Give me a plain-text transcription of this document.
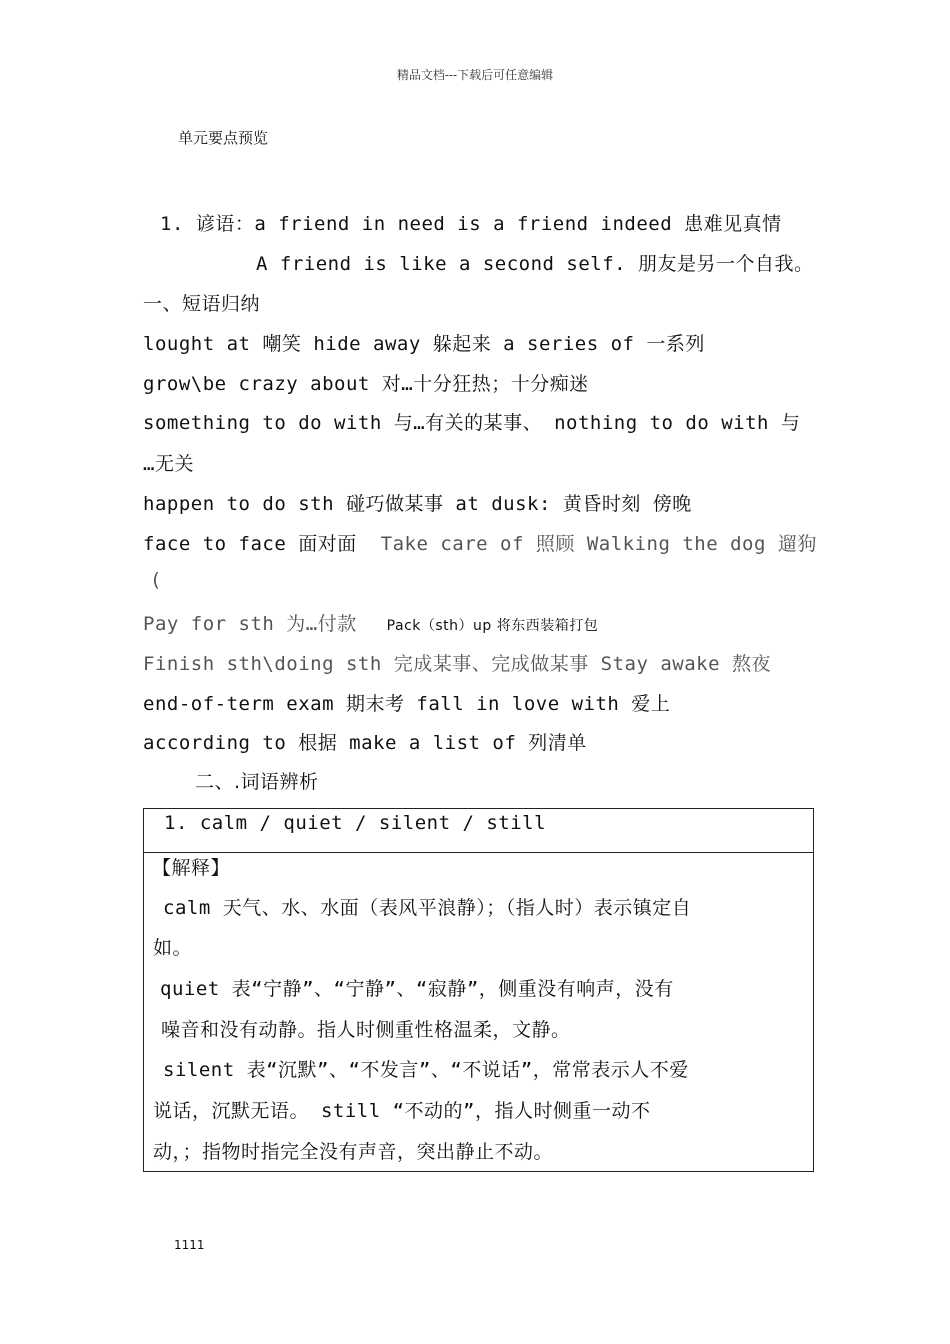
精品文档---下载后可任意编辑
单元要点预览
1. 谚语：a friend in need is a friend indeed 患难见真情
A friend is like a second self. 朋友是另一个自我。
一、短语归纳
lought at 嘲笑 hide away 躲起来 a series of 一系列
grow\be crazy about 对…十分狂热；十分痴迷
something to do with 与…有关的某事、 nothing to do with 与
…无关
happen to do sth 碰巧做某事 at dusk: 黄昏时刻 傍晚
face to face 面对面 Take care of 照顾 Walking the dog 遛狗
(
Pay for sth 为…付款 Pack（sth）up 将东西装箱打包
Finish sth\doing sth 完成某事、完成做某事 Stay awake 熬夜
end-of-term exam 期末考 fall in love with 爱上
according to 根据 make a list of 列清单
二、.词语辨析
1. calm / quiet / silent / still
【解释】
calm 天气、水、水面（表风平浪静）；（指人时）表示镇定自
如。
quiet 表“宁静”、“宁静”、“寂静”，侧重没有响声，没有
噪音和没有动静。指人时侧重性格温柔，文静。
silent 表“沉默”、“不发言”、“不说话”，常常表示人不爱
说话，沉默无语。 still “不动的”，指人时侧重一动不
动，；指物时指完全没有声音，突出静止不动。
1111
